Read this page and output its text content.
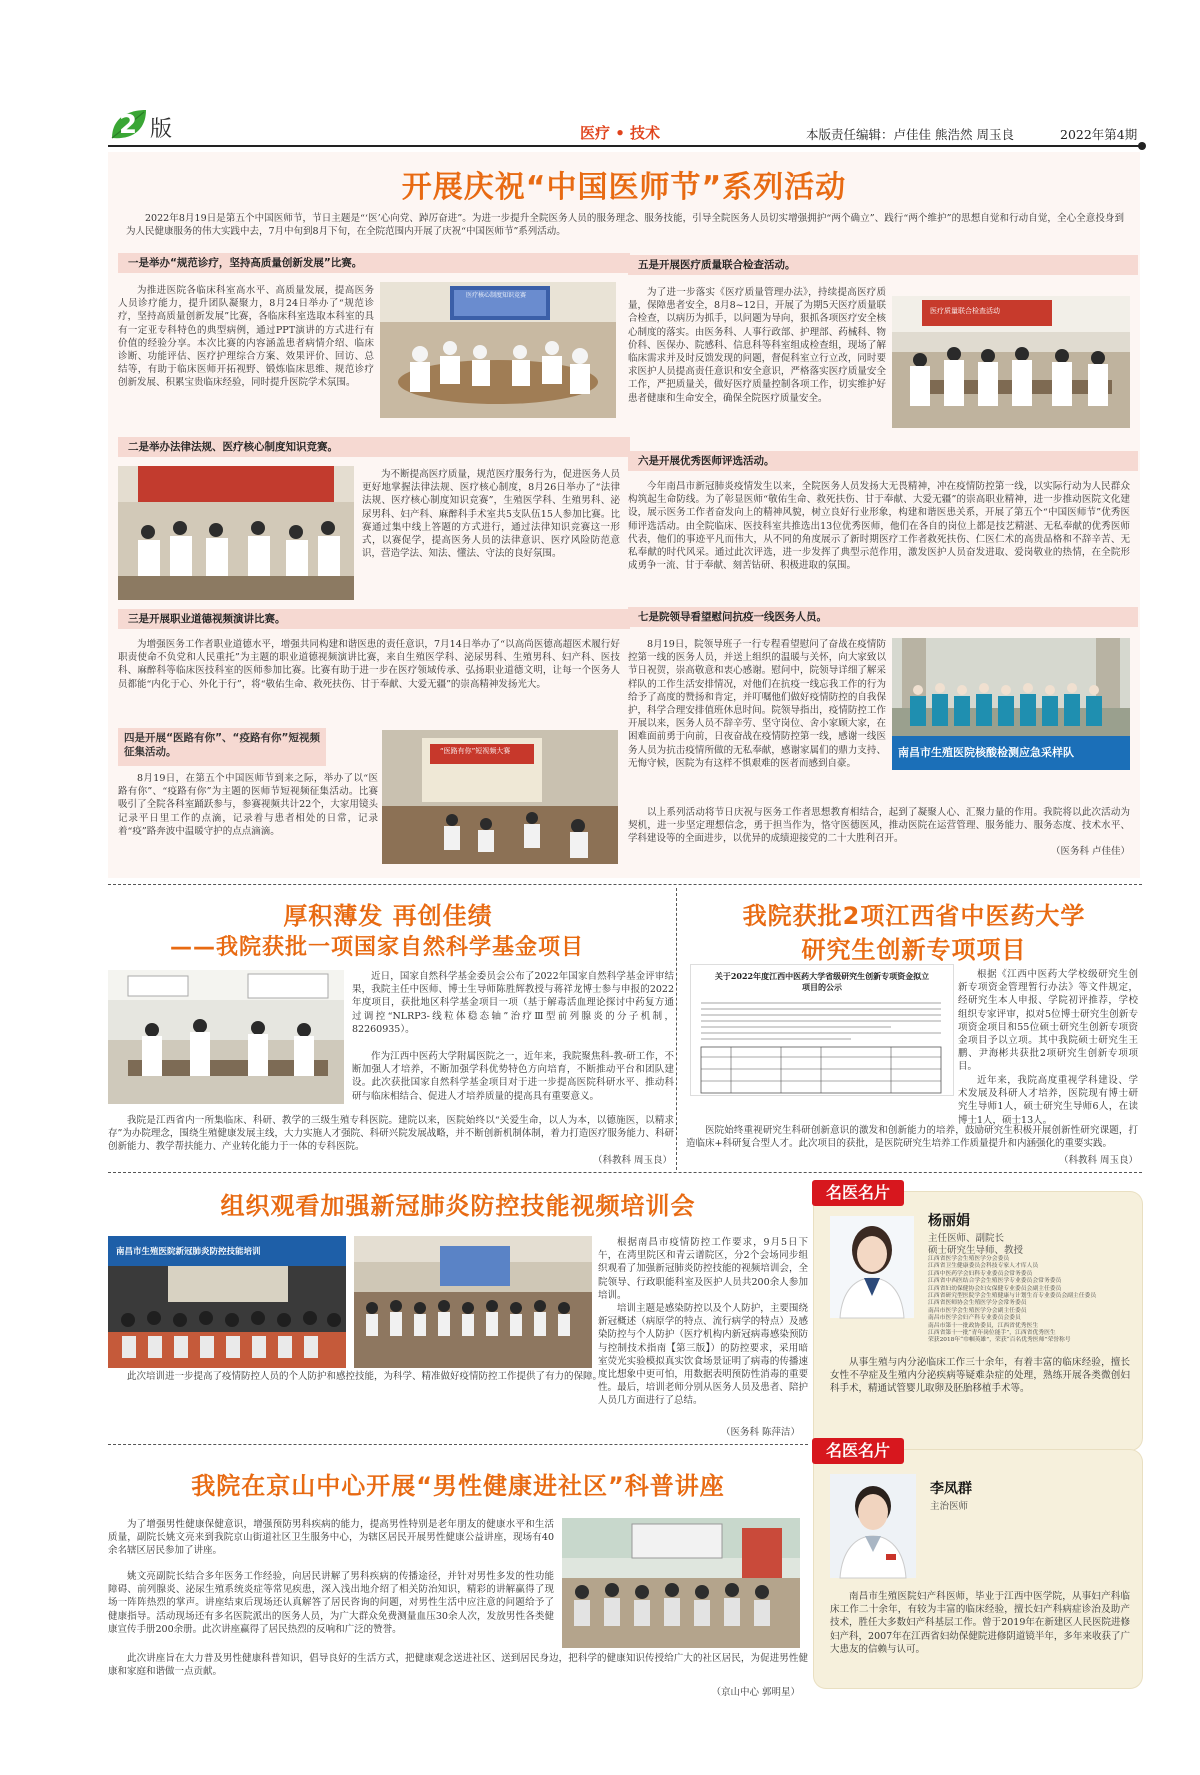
2 版	医疗 • 技术	本版责任编辑：卢佳佳 熊浩然 周玉良	2022年第4期
开展庆祝“中国医师节”系列活动

2022年8月19日是第五个中国医师节，节日主题是“‘医’心向党、踔厉奋进”。为进一步提升全院医务人员的服务理念、服务技能，引导全院医务人员切实增强拥护“两个确立”、践行“两个维护”的思想自觉和行动自觉，全心全意投身到为人民健康服务的伟大实践中去，7月中旬到8月下旬，在全院范围内开展了庆祝“中国医师节”系列活动。

一是举办“规范诊疗，坚持高质量创新发展”比赛。

为推进医院各临床科室高水平、高质量发展，提高医务人员诊疗能力，提升团队凝聚力，8月24日举办了“规范诊疗，坚持高质量创新发展”比赛，各临床科室选取本科室的具有一定亚专科特色的典型病例，通过PPT演讲的方式进行有价值的经验分享。本次比赛的内容涵盖患者病情介绍、临床诊断、功能评估、医疗护理综合方案、效果评价、回访、总结等，有助于临床医师开拓视野、锻炼临床思维、规范诊疗创新发展、积累宝贵临床经验，同时提升医院学术氛围。

医疗核心制度知识竞赛
二是举办法律法规、医疗核心制度知识竞赛。

为不断提高医疗质量，规范医疗服务行为，促进医务人员更好地掌握法律法规、医疗核心制度，8月26日举办了“法律法规、医疗核心制度知识竞赛”，生殖医学科、生殖男科、泌尿男科、妇产科、麻醉科手术室共5支队伍15人参加比赛。比赛通过集中线上答题的方式进行，通过法律知识竞赛这一形式，以赛促学，提高医务人员的法律意识、医疗风险防范意识，营造学法、知法、懂法、守法的良好氛围。

三是开展职业道德视频演讲比赛。

为增强医务工作者职业道德水平，增强共同构建和谐医患的责任意识，7月14日举办了“以高尚医德高超医术履行好职责使命不负党和人民重托”为主题的职业道德视频演讲比赛，来自生殖医学科、泌尿男科、生殖男科、妇产科、医技科、麻醉科等临床医技科室的医师参加比赛。比赛有助于进一步在医疗领域传承、弘扬职业道德文明，让每一个医务人员都能“内化于心、外化于行”，将“敬佑生命、救死扶伤、甘于奉献、大爱无疆”的崇高精神发扬光大。

四是开展“医路有你”、“疫路有你”短视频征集活动。

8月19日，在第五个中国医师节到来之际，举办了以“医路有你”、“疫路有你”为主题的医师节短视频征集活动。比赛吸引了全院各科室踊跃参与，参赛视频共计22个，大家用镜头记录平日里工作的点滴，记录着与患者相处的日常，记录着“疫”路奔波中温暖守护的点点滴滴。

“医路有你”短视频大赛
五是开展医疗质量联合检查活动。

为了进一步落实《医疗质量管理办法》，持续提高医疗质量，保障患者安全，8月8~12日，开展了为期5天医疗质量联合检查，以病历为抓手，以问题为导向，狠抓各项医疗安全核心制度的落实。由医务科、人事行政部、护理部、药械科、物价科、医保办、院感科、信息科等科室组成检查组，现场了解临床需求并及时反馈发现的问题，督促科室立行立改，同时要求医护人员提高责任意识和安全意识，严格落实医疗质量安全工作，严把质量关，做好医疗质量控制各项工作，切实维护好患者健康和生命安全，确保全院医疗质量安全。

医疗质量联合检查活动
六是开展优秀医师评选活动。

今年南昌市新冠肺炎疫情发生以来，全院医务人员发扬大无畏精神，冲在疫情防控第一线，以实际行动为人民群众构筑起生命防线。为了彰显医师“敬佑生命、救死扶伤、甘于奉献、大爱无疆”的崇高职业精神，进一步推动医院文化建设，展示医务工作者奋发向上的精神风貌，树立良好行业形象，构建和谐医患关系，开展了第五个“中国医师节”优秀医师评选活动。由全院临床、医技科室共推选出13位优秀医师，他们在各自的岗位上都是技艺精湛、无私奉献的优秀医师代表，他们的事迹平凡而伟大，从不同的角度展示了新时期医疗工作者救死扶伤、仁医仁术的高贵品格和不辞辛苦、无私奉献的时代风采。通过此次评选，进一步发挥了典型示范作用，激发医护人员奋发进取、爱岗敬业的热情，在全院形成勇争一流、甘于奉献、刻苦钻研、积极进取的氛围。

七是院领导看望慰问抗疫一线医务人员。

8月19日，院领导班子一行专程看望慰问了奋战在疫情防控第一线的医务人员，并送上组织的温暖与关怀，向大家致以节日祝贺，崇高敬意和衷心感谢。慰问中，院领导详细了解采样队的工作生活安排情况，对他们在抗疫一线忘我工作的行为给予了高度的赞扬和肯定，并叮嘱他们做好疫情防控的自我保护，科学合理安排值班休息时间。院领导指出，疫情防控工作开展以来，医务人员不辞辛劳、坚守岗位、舍小家顾大家，在困难面前勇于向前，日夜奋战在疫情防控第一线，感谢一线医务人员为抗击疫情所做的无私奉献，感谢家属们的鼎力支持、无悔守候，医院为有这样不惧艰难的医者而感到自豪。

南昌市生殖医院核酸检测应急采样队

以上系列活动将节日庆祝与医务工作者思想教育相结合，起到了凝聚人心、汇聚力量的作用。我院将以此次活动为契机，进一步坚定理想信念，勇于担当作为，恪守医德医风，推动医院在运营管理、服务能力、服务态度、技术水平、学科建设等的全面进步，以优异的成绩迎接党的二十大胜利召开。

（医务科 卢佳佳）
厚积薄发 再创佳绩
——我院获批一项国家自然科学基金项目

近日，国家自然科学基金委员会公布了2022年国家自然科学基金评审结果，我院主任中医师、博士生导师陈胜辉教授与蒋祥龙博士参与申报的2022年度项目，获批地区科学基金项目一项（基于解毒活血理论探讨中药复方通过调控“NLRP3-线粒体稳态轴”治疗Ⅲ型前列腺炎的分子机制，82260935）。

作为江西中医药大学附属医院之一，近年来，我院聚焦科-教-研工作，不断加强人才培养，不断加强学科优势特色方向培育，不断推动平台和团队建设。此次获批国家自然科学基金项目对于进一步提高医院科研水平、推动科研与临床相结合、促进人才培养质量的提高具有重要意义。

我院是江西省内一所集临床、科研、教学的三级生殖专科医院。建院以来，医院始终以“关爱生命，以人为本，以德施医，以精求存”为办院理念，围绕生殖健康发展主线，大力实施人才强院、科研兴院发展战略，并不断创新机制体制，着力打造医疗服务能力、科研创新能力、教学帮扶能力、产业转化能力于一体的专科医院。

（科教科 周玉良）
我院获批2项江西省中医药大学
研究生创新专项项目
关于2022年度江西中医药大学省级研究生创新专项资金拟立项目的公示

根据《江西中医药大学校级研究生创新专项资金管理暂行办法》等文件规定，经研究生本人申报、学院初评推荐，学校组织专家评审，拟对5位博士研究生创新专项资金项目和55位硕士研究生创新专项资金项目予以立项。其中我院硕士研究生王鹏、尹海彬共获批2项研究生创新专项项目。

近年来，我院高度重视学科建设、学术发展及科研人才培养，医院现有博士研究生导师1人，硕士研究生导师6人，在读博士1人，硕士13人。

医院始终重视研究生科研创新意识的激发和创新能力的培养，鼓励研究生积极开展创新性研究课题，打造临床+科研复合型人才。此次项目的获批，是医院研究生培养工作质量提升和内涵强化的重要实践。

（科教科 周玉良）
组织观看加强新冠肺炎防控技能视频培训会
南昌市生殖医院新冠肺炎防控技能培训

根据南昌市疫情防控工作要求，9月5日下午，在湾里院区和青云谱院区，分2个会场同步组织观看了加强新冠肺炎防控技能的视频培训会，全院领导、行政职能科室及医护人员共200余人参加培训。

培训主题是感染防控以及个人防护，主要围绕新冠概述（病原学的特点、流行病学的特点）及感染防控与个人防护（医疗机构内新冠病毒感染预防与控制技术指南【第三版】）的防控要求，采用暗室荧光实验模拟真实饮食场景证明了病毒的传播速度比想象中更可怕，用数据表明预防性消毒的重要性。最后，培训老师分别从医务人员及患者、陪护人员几方面进行了总结。

此次培训进一步提高了疫情防控人员的个人防护和感控技能，为科学、精准做好疫情防控工作提供了有力的保障。

（医务科 陈萍洁）
我院在京山中心开展“男性健康进社区”科普讲座

为了增强男性健康保健意识，增强预防男科疾病的能力，提高男性特别是老年朋友的健康水平和生活质量，副院长姚文亮来到我院京山街道社区卫生服务中心，为辖区居民开展男性健康公益讲座，现场有40余名辖区居民参加了讲座。

姚文亮副院长结合多年医务工作经验，向居民讲解了男科疾病的传播途径，并针对男性多发的性功能障碍、前列腺炎、泌尿生殖系统炎症等常见疾患，深入浅出地介绍了相关防治知识，精彩的讲解赢得了现场一阵阵热烈的掌声。讲座结束后现场还认真解答了居民咨询的问题，对男性生活中应注意的问题给予了健康指导。活动现场还有多名医院派出的医务人员，为广大群众免费测量血压30余人次，发放男性各类健康宣传手册200余册。此次讲座赢得了居民热烈的反响和广泛的赞誉。

此次讲座旨在大力普及男性健康科普知识，倡导良好的生活方式，把健康观念送进社区、送到居民身边，把科学的健康知识传授给广大的社区居民，为促进男性健康和家庭和谐做一点贡献。

（京山中心 郭明星）
名医名片
杨丽娟
主任医师、副院长
硕士研究生导师、教授
江西省医学会生殖医学分会委员
江西省卫生健康委员会科技专家人才库人员
江西中医药学会妇科专业委员会常务委员
江西省中西医结合学会生殖医学专业委员会常务委员
江西省妇幼保健协会妇女保健专业委员会副主任委员
江西省研究型医院学会生殖健康与计划生育专业委员会副主任委员
江西省医师协会生殖医学分会常务委员
南昌市医学会生殖医学分会副主任委员
南昌市医学会妇产科专业委员会委员
南昌市第十一批政协委员，江西省优秀医生
江西省第十一批“青年岗位能手”，江西省优秀医生
荣获2018年“巾帼英雄”，荣获“百名优秀医师”荣誉称号

从事生殖与内分泌临床工作三十余年，有着丰富的临床经验，擅长女性不孕症及生殖内分泌疾病等疑难杂症的处理，熟练开展各类微创妇科手术，精通试管婴儿取卵及胚胎移植手术等。

名医名片
李凤群
主治医师

南昌市生殖医院妇产科医师，毕业于江西中医学院，从事妇产科临床工作二十余年，有较为丰富的临床经验，擅长妇产科病症诊治及助产技术，胜任大多数妇产科基层工作。曾于2019年在新建区人民医院进修妇产科，2007年在江西省妇幼保健院进修阴道镜半年，多年来收获了广大患友的信赖与认可。
